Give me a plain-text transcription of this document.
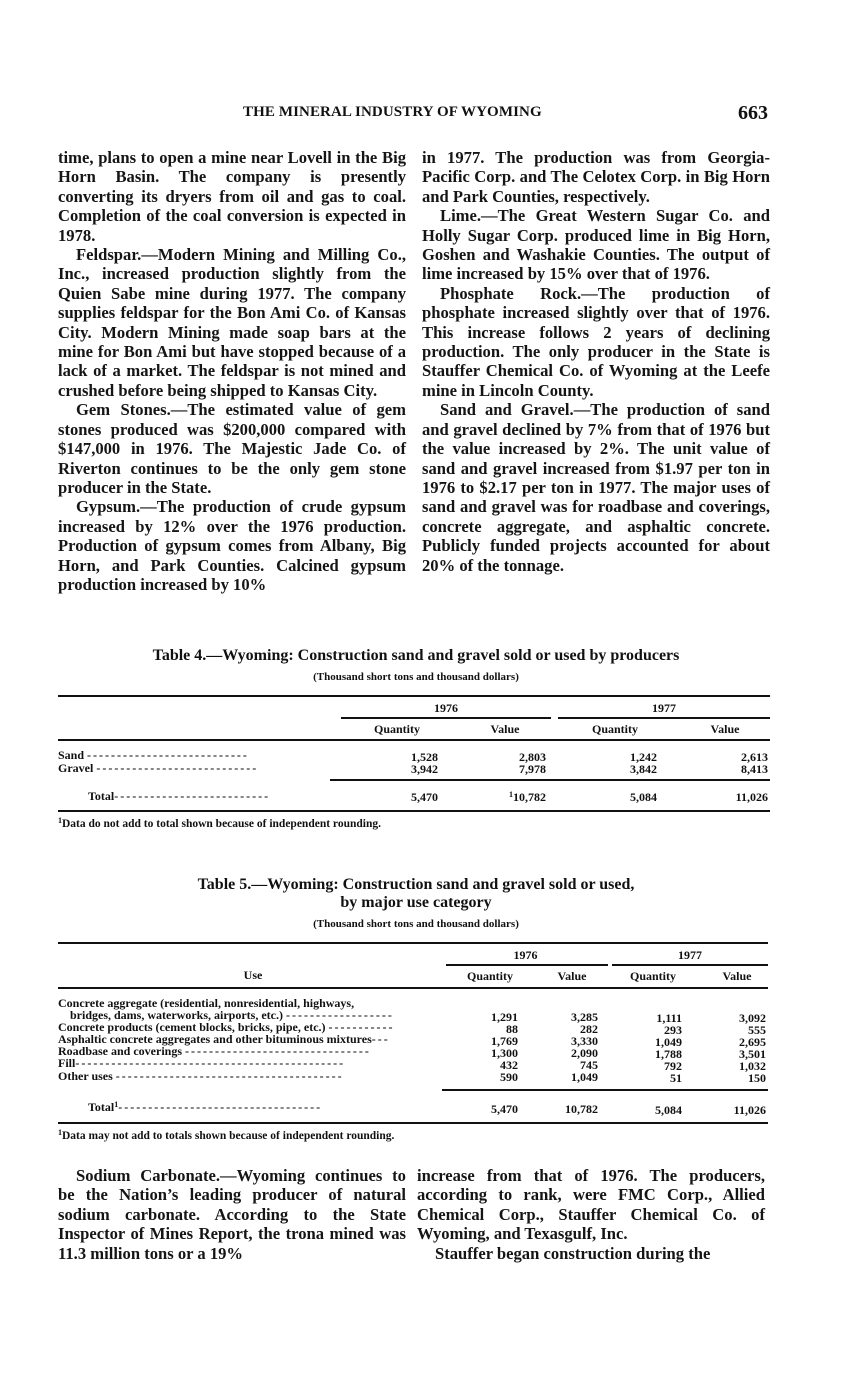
THE MINERAL INDUSTRY OF WYOMING	663

time, plans to open a mine near Lovell in the Big Horn Basin. The company is presently converting its dryers from oil and gas to coal. Completion of the coal conversion is expected in 1978.

Feldspar.—Modern Mining and Milling Co., Inc., increased production slightly from the Quien Sabe mine during 1977. The company supplies feldspar for the Bon Ami Co. of Kansas City. Modern Mining made soap bars at the mine for Bon Ami but have stopped because of a lack of a market. The feldspar is not mined and crushed before being shipped to Kansas City.

Gem Stones.—The estimated value of gem stones produced was $200,000 compared with $147,000 in 1976. The Majestic Jade Co. of Riverton continues to be the only gem stone producer in the State.

Gypsum.—The production of crude gypsum increased by 12% over the 1976 production. Production of gypsum comes from Albany, Big Horn, and Park Counties. Calcined gypsum production increased by 10%

in 1977. The production was from Georgia-Pacific Corp. and The Celotex Corp. in Big Horn and Park Counties, respectively.

Lime.—The Great Western Sugar Co. and Holly Sugar Corp. produced lime in Big Horn, Goshen and Washakie Counties. The output of lime increased by 15% over that of 1976.

Phosphate Rock.—The production of phosphate increased slightly over that of 1976. This increase follows 2 years of declining production. The only producer in the State is Stauffer Chemical Co. of Wyoming at the Leefe mine in Lincoln County.

Sand and Gravel.—The production of sand and gravel declined by 7% from that of 1976 but the value increased by 2%. The unit value of sand and gravel increased from $1.97 per ton in 1976 to $2.17 per ton in 1977. The major uses of sand and gravel was for roadbase and coverings, concrete aggregate, and asphaltic concrete. Publicly funded projects accounted for about 20% of the tonnage.

Table 4.—Wyoming: Construction sand and gravel sold or used by producers
(Thousand short tons and thousand dollars)
1976	1977
Quantity	Value	Quantity	Value
Sand ---------------------------	1,528	2,803	1,242	2,613
Gravel ---------------------------	3,942	7,978	3,842	8,413
Total--------------------------	5,470	$^1$10,782	5,084	11,026
$^1$Data do not add to total shown because of independent rounding.
Table 5.—Wyoming: Construction sand and gravel sold or used,
by major use category
(Thousand short tons and thousand dollars)
1976	1977
Use	Quantity	Value	Quantity	Value
Concrete aggregate (residential, nonresidential, highways,
bridges, dams, waterworks, airports, etc.) ------------------	1,291	3,285	1,111	3,092
Concrete products (cement blocks, bricks, pipe, etc.) -----------	88	282	293	555
Asphaltic concrete aggregates and other bituminous mixtures---	1,769	3,330	1,049	2,695
Roadbase and coverings -------------------------------	1,300	2,090	1,788	3,501
Fill---------------------------------------------	432	745	792	1,032
Other uses --------------------------------------	590	1,049	51	150
Total$^1$----------------------------------	5,470	10,782	5,084	11,026
$^1$Data may not add to totals shown because of independent rounding.

Sodium Carbonate.—Wyoming continues to be the Nation’s leading producer of natural sodium carbonate. According to the State Inspector of Mines Report, the trona mined was 11.3 million tons or a 19%

increase from that of 1976. The producers, according to rank, were FMC Corp., Allied Chemical Corp., Stauffer Chemical Co. of Wyoming, and Texasgulf, Inc.

Stauffer began construction during the
